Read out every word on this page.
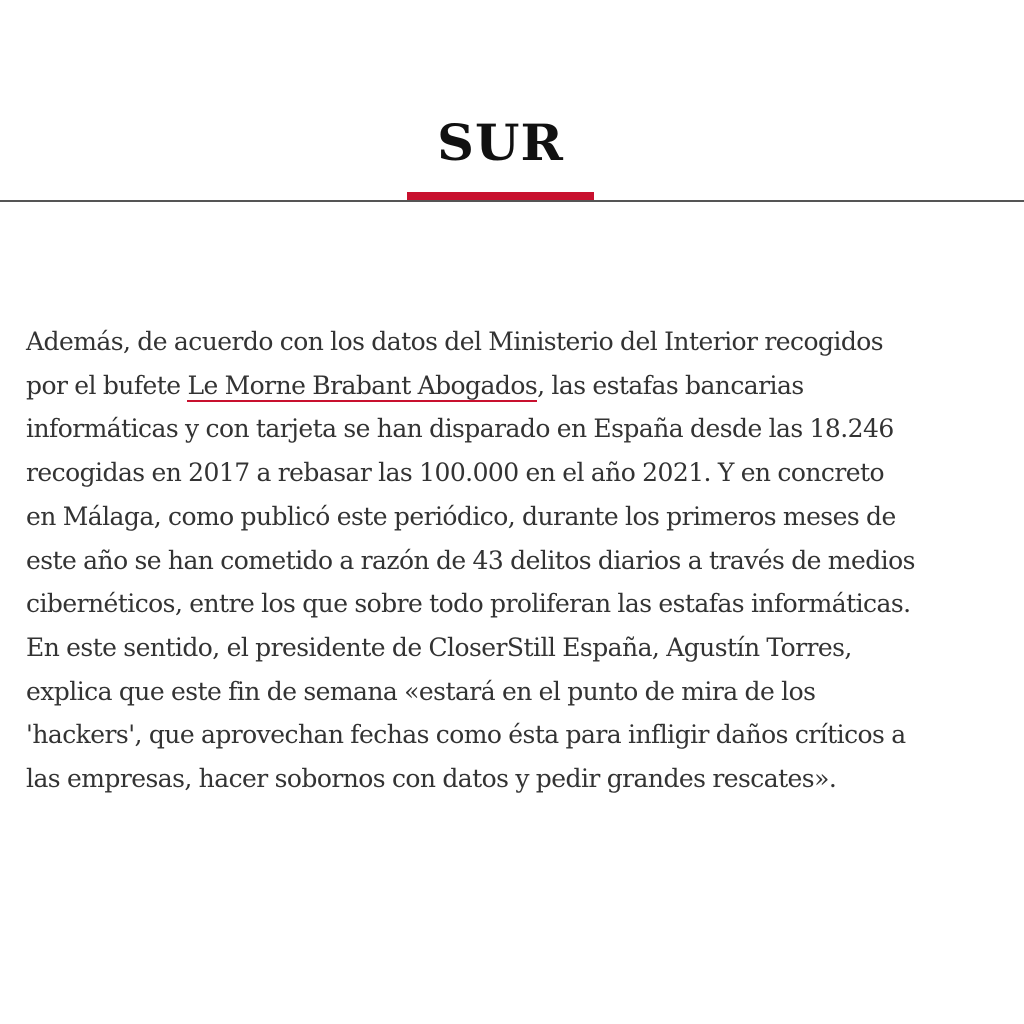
SUR

Además, de acuerdo con los datos del Ministerio del Interior recogidos
por el bufete Le Morne Brabant Abogados, las estafas bancarias
informáticas y con tarjeta se han disparado en España desde las 18.246
recogidas en 2017 a rebasar las 100.000 en el año 2021. Y en concreto
en Málaga, como publicó este periódico, durante los primeros meses de
este año se han cometido a razón de 43 delitos diarios a través de medios
cibernéticos, entre los que sobre todo proliferan las estafas informáticas.
En este sentido, el presidente de CloserStill España, Agustín Torres,
explica que este fin de semana «estará en el punto de mira de los
'hackers', que aprovechan fechas como ésta para infligir daños críticos a
las empresas, hacer sobornos con datos y pedir grandes rescates».
